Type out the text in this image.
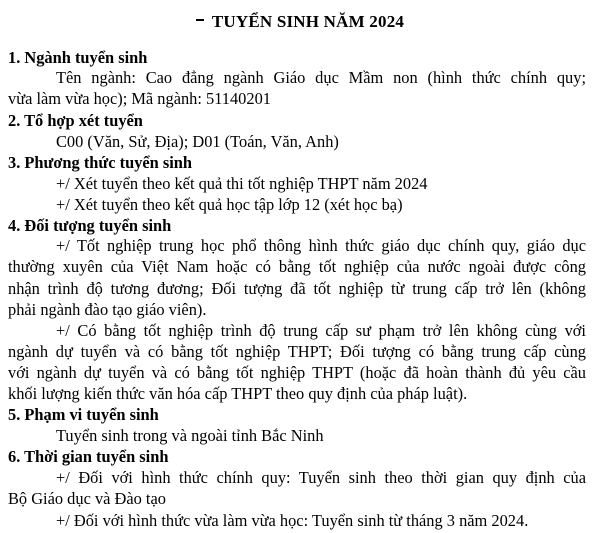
TUYỂN SINH NĂM 2024
1. Ngành tuyển sinh
Tên ngành: Cao đẳng ngành Giáo dục Mầm non (hình thức chính quy;
vừa làm vừa học); Mã ngành: 51140201
2. Tổ hợp xét tuyển
C00 (Văn, Sử, Địa); D01 (Toán, Văn, Anh)
3. Phương thức tuyển sinh
+/ Xét tuyển theo kết quả thi tốt nghiệp THPT năm 2024
+/ Xét tuyển theo kết quả học tập lớp 12 (xét học bạ)
4. Đối tượng tuyển sinh
+/ Tốt nghiệp trung học phổ thông hình thức giáo dục chính quy, giáo dục
thường xuyên của Việt Nam hoặc có bằng tốt nghiệp của nước ngoài được công
nhận trình độ tương đương; Đối tượng đã tốt nghiệp từ trung cấp trở lên (không
phải ngành đào tạo giáo viên).
+/ Có bằng tốt nghiệp trình độ trung cấp sư phạm trở lên không cùng với
ngành dự tuyển và có bằng tốt nghiệp THPT; Đối tượng có bằng trung cấp cùng
với ngành dự tuyển và có bằng tốt nghiệp THPT (hoặc đã hoàn thành đủ yêu cầu
khối lượng kiến thức văn hóa cấp THPT theo quy định của pháp luật).
5. Phạm vi tuyển sinh
Tuyển sinh trong và ngoài tỉnh Bắc Ninh
6. Thời gian tuyển sinh
+/ Đối với hình thức chính quy: Tuyển sinh theo thời gian quy định của
Bộ Giáo dục và Đào tạo
+/ Đối với hình thức vừa làm vừa học: Tuyển sinh từ tháng 3 năm 2024.
